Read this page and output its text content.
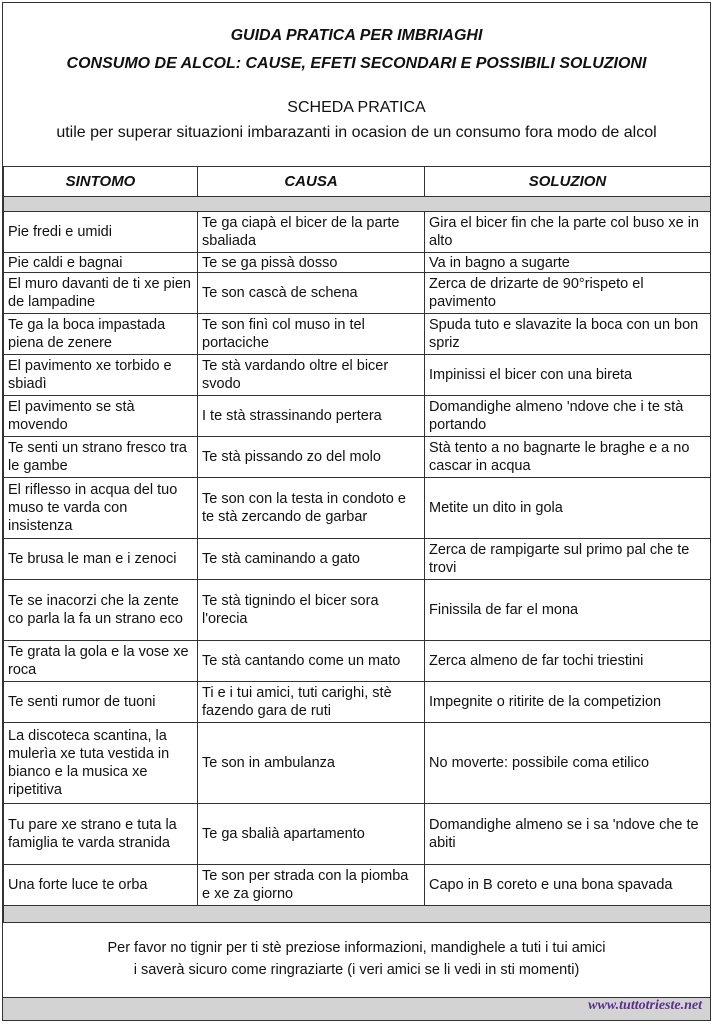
GUIDA PRATICA PER IMBRIAGHI
CONSUMO DE ALCOL: CAUSE, EFETI SECONDARI E POSSIBILI SOLUZIONI
SCHEDA PRATICA
utile per superar situazioni imbarazanti in ocasion de un consumo fora modo de alcol
SINTOMO	CAUSA	SOLUZION

Pie fredi e umidi	Te ga ciapà el bicer de la parte sbaliada	Gira el bicer fin che la parte col buso xe in alto
Pie caldi e bagnai	Te se ga pissà dosso	Va in bagno a sugarte
El muro davanti de ti xe pien de lampadine	Te son cascà de schena	Zerca de drizarte de 90°rispeto el pavimento
Te ga la boca impastada piena de zenere	Te son finì col muso in tel portaciche	Spuda tuto e slavazite la boca con un bon spriz
El pavimento xe torbido e sbiadì	Te stà vardando oltre el bicer svodo	Impinissi el bicer con una bireta
El pavimento se stà movendo	I te stà strassinando pertera	Domandighe almeno 'ndove che i te stà portando
Te senti un strano fresco tra le gambe	Te stà pissando zo del molo	Stà tento a no bagnarte le braghe e a no cascar in acqua
El riflesso in acqua del tuo muso te varda con insistenza	Te son con la testa in condoto e te stà zercando de garbar	Metite un dito in gola
Te brusa le man e i zenoci	Te stà caminando a gato	Zerca de rampigarte sul primo pal che te trovi
Te se inacorzi che la zente co parla la fa un strano eco	Te stà tignindo el bicer sora l'orecia	Finissila de far el mona
Te grata la gola e la vose xe roca	Te stà cantando come un mato	Zerca almeno de far tochi triestini
Te senti rumor de tuoni	Ti e i tui amici, tuti carighi, stè fazendo gara de ruti	Impegnite o ritirite de la competizion
La discoteca scantina, la mulerìa xe tuta vestida in bianco e la musica xe ripetitiva	Te son in ambulanza	No moverte: possibile coma etilico
Tu pare xe strano e tuta la famiglia te varda stranida	Te ga sbalià apartamento	Domandighe almeno se i sa 'ndove che te abiti
Una forte luce te orba	Te son per strada con la piomba e xe za giorno	Capo in B coreto e una bona spavada

Per favor no tignir per ti stè preziose informazioni, mandighele a tuti i tui amici
i saverà sicuro come ringraziarte (i veri amici se li vedi in sti momenti)
www.tuttotrieste.net
